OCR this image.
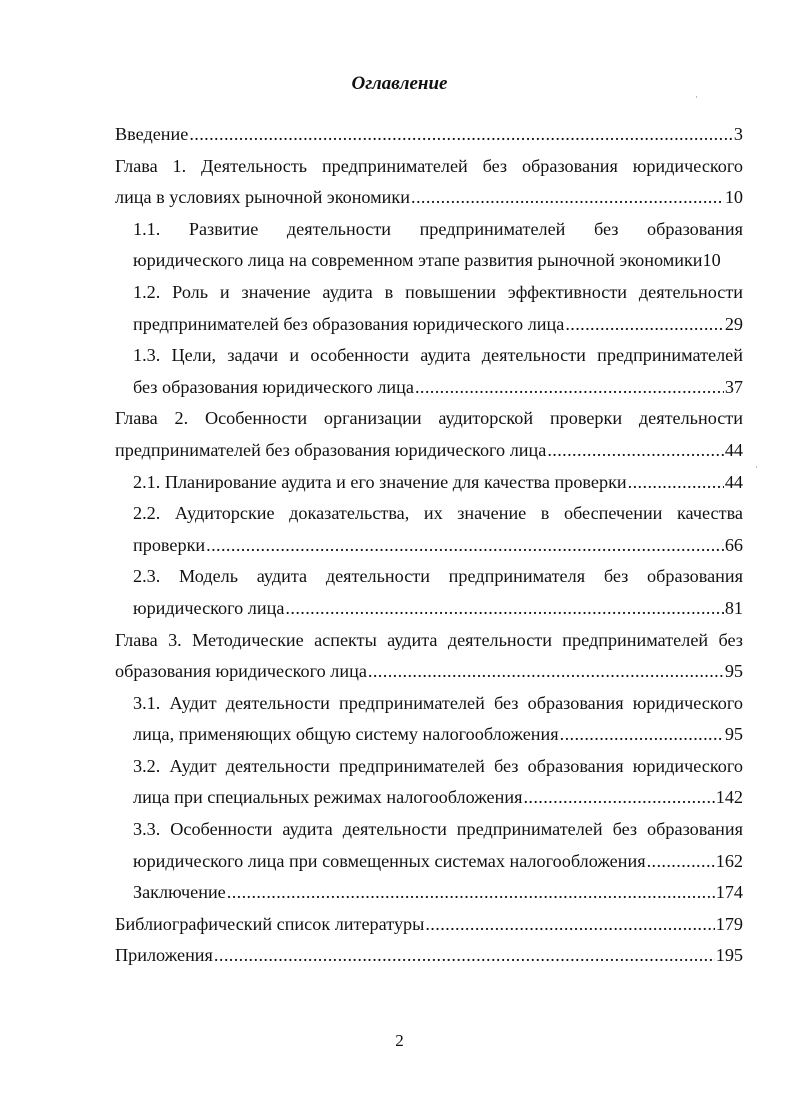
Оглавление
Введение .....	3
Глава 1. Деятельность предпринимателей без образования юридического
лица в условиях рыночной экономики .....	10
1.1. Развитие деятельности предпринимателей без образования
юридического лица на современном этапе развития рыночной экономики 10
1.2. Роль и значение аудита в повышении эффективности деятельности
предпринимателей без образования юридического лица .....	29
1.3. Цели, задачи и особенности аудита деятельности предпринимателей
без образования юридического лица .....	37
Глава 2. Особенности организации аудиторской проверки деятельности
предпринимателей без образования юридического лица .....	44
2.1. Планирование аудита и его значение для качества проверки .....	44
2.2. Аудиторские доказательства, их значение в обеспечении качества
проверки .....	66
2.3. Модель аудита деятельности предпринимателя без образования
юридического лица .....	81
Глава 3. Методические аспекты аудита деятельности предпринимателей без
образования юридического лица .....	95
3.1. Аудит деятельности предпринимателей без образования юридического
лица, применяющих общую систему налогообложения .....	95
3.2. Аудит деятельности предпринимателей без образования юридического
лица при специальных режимах налогообложения .....	142
3.3. Особенности аудита деятельности предпринимателей без образования
юридического лица при совмещенных системах налогообложения .....	162
Заключение .....	174
Библиографический список литературы .....	179
Приложения .....	195
·
·
2
